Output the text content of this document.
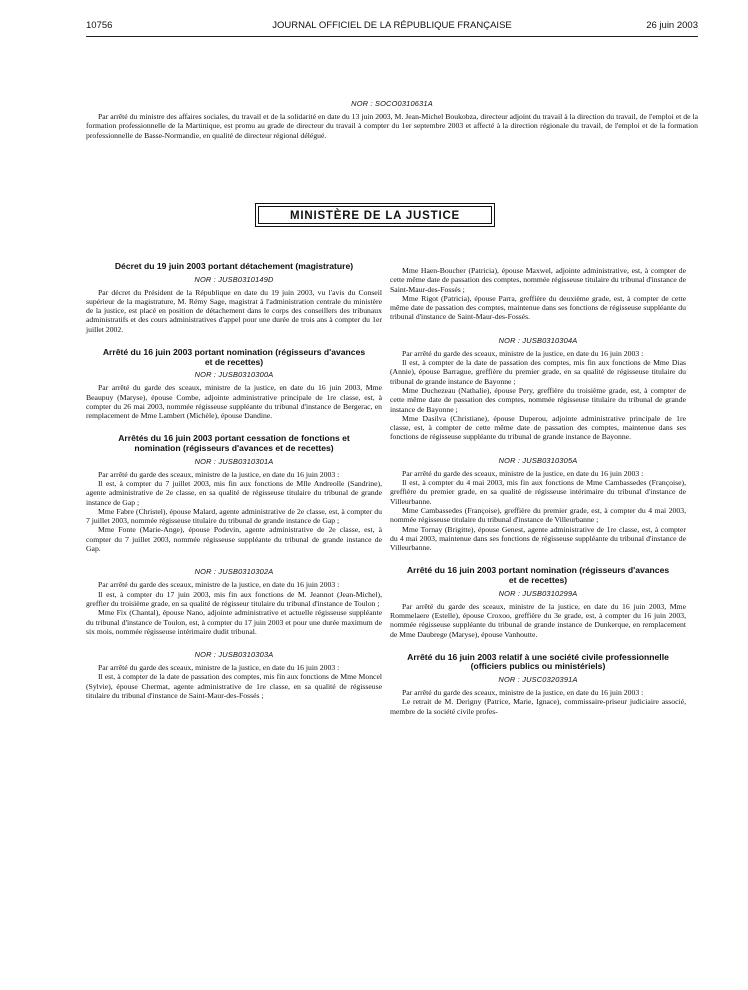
10756	JOURNAL OFFICIEL DE LA RÉPUBLIQUE FRANÇAISE	26 juin 2003
NOR : SOCO0310631A

Par arrêté du ministre des affaires sociales, du travail et de la solidarité en date du 13 juin 2003, M. Jean-Michel Boukobza, directeur adjoint du travail à la direction du travail, de l'emploi et de la formation professionnelle de la Martinique, est promu au grade de directeur du travail à compter du 1er septembre 2003 et affecté à la direction régionale du travail, de l'emploi et de la formation professionnelle de Basse-Normandie, en qualité de directeur régional délégué.

MINISTÈRE DE LA JUSTICE
Décret du 19 juin 2003 portant détachement (magistrature)
NOR : JUSB0310149D

Par décret du Président de la République en date du 19 juin 2003, vu l'avis du Conseil supérieur de la magistrature, M. Rémy Sage, magistrat à l'administration centrale du ministère de la justice, est placé en position de détachement dans le corps des conseillers des tribunaux administratifs et des cours administratives d'appel pour une durée de trois ans à compter du 1er juillet 2002.

Arrêté du 16 juin 2003 portant nomination (régisseurs d'avances et de recettes)
NOR : JUSB0310300A

Par arrêté du garde des sceaux, ministre de la justice, en date du 16 juin 2003, Mme Beaupuy (Maryse), épouse Combe, adjointe administrative principale de 1re classe, est, à compter du 26 mai 2003, nommée régisseuse suppléante du tribunal d'instance de Bergerac, en remplacement de Mme Lambert (Michèle), épouse Dandine.

Arrêtés du 16 juin 2003 portant cessation de fonctions et nomination (régisseurs d'avances et de recettes)
NOR : JUSB0310301A

Par arrêté du garde des sceaux, ministre de la justice, en date du 16 juin 2003 :

Il est, à compter du 7 juillet 2003, mis fin aux fonctions de Mlle Andreolle (Sandrine), agente administrative de 2e classe, en sa qualité de régisseuse titulaire du tribunal de grande instance de Gap ;

Mme Fabre (Christel), épouse Malard, agente administrative de 2e classe, est, à compter du 7 juillet 2003, nommée régisseuse titulaire du tribunal de grande instance de Gap ;

Mme Fonte (Marie-Ange), épouse Podevin, agente administrative de 2e classe, est, à compter du 7 juillet 2003, nommée régisseuse suppléante du tribunal de grande instance de Gap.

NOR : JUSB0310302A

Par arrêté du garde des sceaux, ministre de la justice, en date du 16 juin 2003 :

Il est, à compter du 17 juin 2003, mis fin aux fonctions de M. Jeannot (Jean-Michel), greffier du troisième grade, en sa qualité de régisseur titulaire du tribunal d'instance de Toulon ;

Mme Fix (Chantal), épouse Nano, adjointe administrative et actuelle régisseuse suppléante du tribunal d'instance de Toulon, est, à compter du 17 juin 2003 et pour une durée maximum de six mois, nommée régisseuse intérimaire dudit tribunal.

NOR : JUSB0310303A

Par arrêté du garde des sceaux, ministre de la justice, en date du 16 juin 2003 :

Il est, à compter de la date de passation des comptes, mis fin aux fonctions de Mme Moncel (Sylvie), épouse Chermat, agente administrative de 1re classe, en sa qualité de régisseuse titulaire du tribunal d'instance de Saint-Maur-des-Fossés ;

Mme Haen-Boucher (Patricia), épouse Maxwel, adjointe administrative, est, à compter de cette même date de passation des comptes, nommée régisseuse titulaire du tribunal d'instance de Saint-Maur-des-Fossés ;

Mme Rigot (Patricia), épouse Parra, greffière du deuxième grade, est, à compter de cette même date de passation des comptes, maintenue dans ses fonctions de régisseuse suppléante du tribunal d'instance de Saint-Maur-des-Fossés.

NOR : JUSB0310304A

Par arrêté du garde des sceaux, ministre de la justice, en date du 16 juin 2003 :

Il est, à compter de la date de passation des comptes, mis fin aux fonctions de Mme Dias (Annie), épouse Barrague, greffière du premier grade, en sa qualité de régisseuse titulaire du tribunal de grande instance de Bayonne ;

Mme Duchezeau (Nathalie), épouse Pery, greffière du troisième grade, est, à compter de cette même date de passation des comptes, nommée régisseuse titulaire du tribunal de grande instance de Bayonne ;

Mme Dasilva (Christiane), épouse Duperou, adjointe administrative principale de 1re classe, est, à compter de cette même date de passation des comptes, maintenue dans ses fonctions de régisseuse suppléante du tribunal de grande instance de Bayonne.

NOR : JUSB0310305A

Par arrêté du garde des sceaux, ministre de la justice, en date du 16 juin 2003 :

Il est, à compter du 4 mai 2003, mis fin aux fonctions de Mme Cambassedes (Françoise), greffière du premier grade, en sa qualité de régisseuse intérimaire du tribunal d'instance de Villeurbanne.

Mme Cambassedes (Françoise), greffière du premier grade, est, à compter du 4 mai 2003, nommée régisseuse titulaire du tribunal d'instance de Villeurbanne ;

Mme Tornay (Brigitte), épouse Genest, agente administrative de 1re classe, est, à compter du 4 mai 2003, maintenue dans ses fonctions de régisseuse suppléante du tribunal d'instance de Villeurbanne.

Arrêté du 16 juin 2003 portant nomination (régisseurs d'avances et de recettes)
NOR : JUSB0310299A

Par arrêté du garde des sceaux, ministre de la justice, en date du 16 juin 2003, Mme Rommelaere (Estelle), épouse Croxoo, greffière du 3e grade, est, à compter du 16 juin 2003, nommée régisseuse suppléante du tribunal de grande instance de Dunkerque, en remplacement de Mme Daubrege (Maryse), épouse Vanhoutte.

Arrêté du 16 juin 2003 relatif à une société civile professionnelle (officiers publics ou ministériels)
NOR : JUSC0320391A

Par arrêté du garde des sceaux, ministre de la justice, en date du 16 juin 2003 :

Le retrait de M. Derigny (Patrice, Marie, Ignace), commissaire-priseur judiciaire associé, membre de la société civile profes-
